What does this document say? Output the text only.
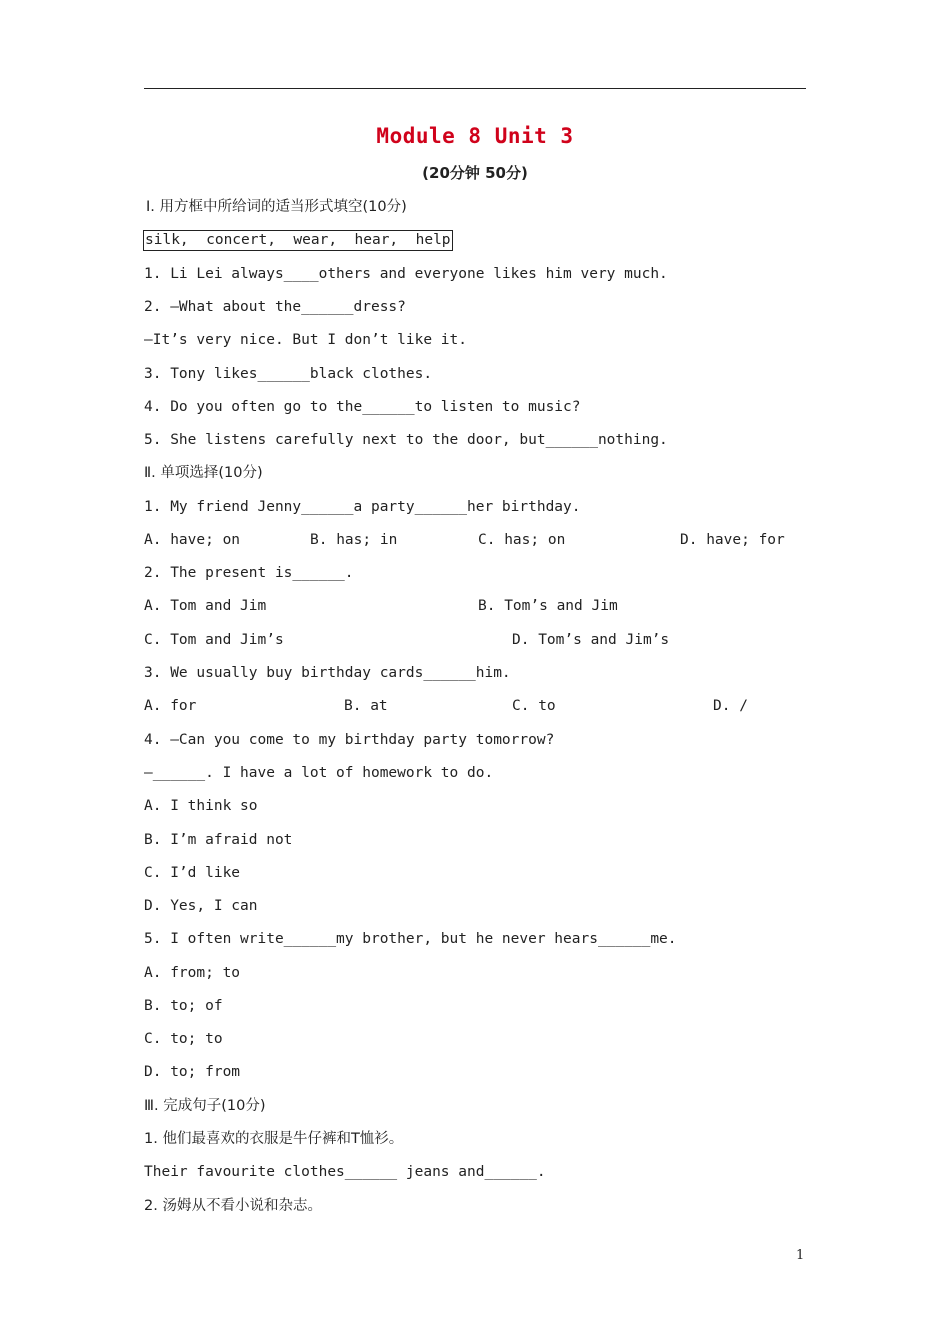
Module 8 Unit 3
(20分钟 50分)
Ⅰ. 用方框中所给词的适当形式填空(10分)
silk,  concert,  wear,  hear,  help
1. Li Lei always____others and everyone likes him very much.
2. —What about the______dress?
—It’s very nice. But I don’t like it.
3. Tony likes______black clothes.
4. Do you often go to the______to listen to music?
5. She listens carefully next to the door, but______nothing.
Ⅱ. 单项选择(10分)
1. My friend Jenny______a party______her birthday.
A. have; on	B. has; in	C. has; on	D. have; for
2. The present is______.
A. Tom and Jim	B. Tom’s and Jim
C. Tom and Jim’s	D. Tom’s and Jim’s
3. We usually buy birthday cards______him.
A. for	B. at	C. to	D. /
4. —Can you come to my birthday party tomorrow?
—______. I have a lot of homework to do.
A. I think so
B. I’m afraid not
C. I’d like
D. Yes, I can
5. I often write______my brother, but he never hears______me.
A. from; to
B. to; of
C. to; to
D. to; from
Ⅲ. 完成句子(10分)
1. 他们最喜欢的衣服是牛仔裤和T恤衫。
Their favourite clothes______ jeans and______.
2. 汤姆从不看小说和杂志。
1
